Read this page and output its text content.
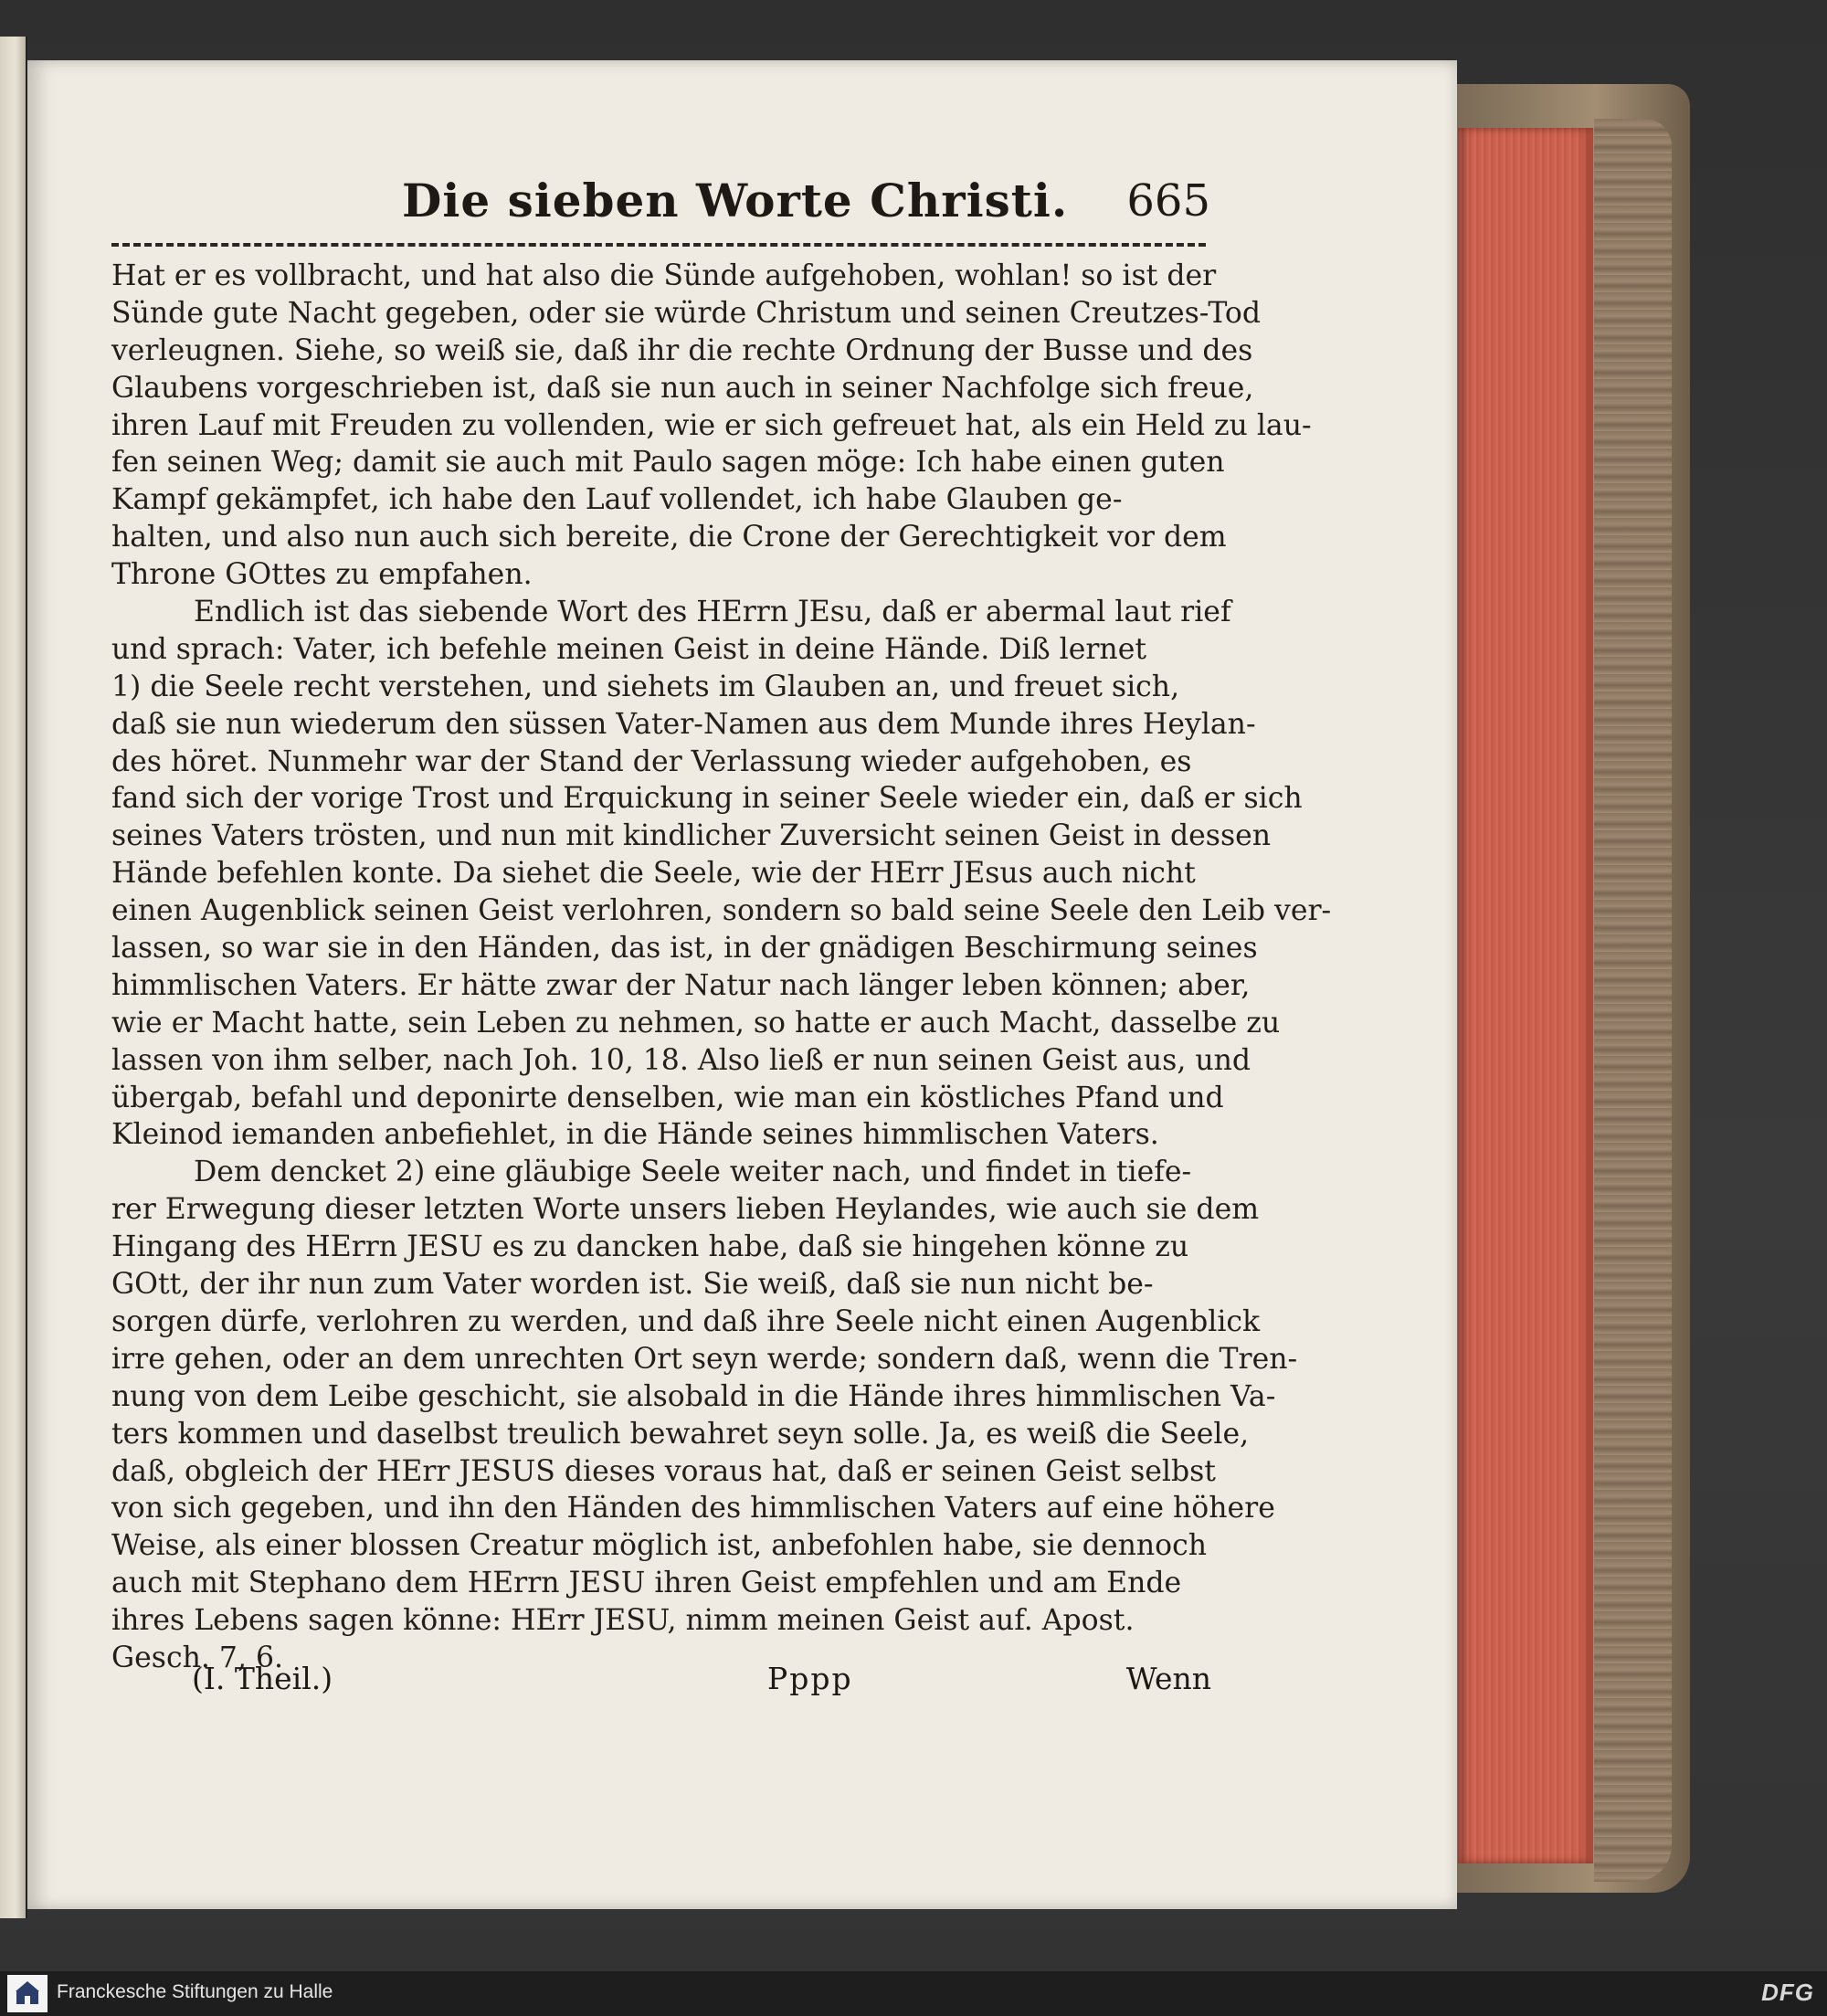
Die sieben Worte Christi. 665
Hat er es vollbracht, und hat also die Sünde aufgehoben, wohlan! so ist der
Sünde gute Nacht gegeben, oder sie würde Christum und seinen Creutzes-Tod
verleugnen. Siehe, so weiß sie, daß ihr die rechte Ordnung der Busse und des
Glaubens vorgeschrieben ist, daß sie nun auch in seiner Nachfolge sich freue,
ihren Lauf mit Freuden zu vollenden, wie er sich gefreuet hat, als ein Held zu lau-
fen seinen Weg; damit sie auch mit Paulo sagen möge: Ich habe einen guten
Kampf gekämpfet, ich habe den Lauf vollendet, ich habe Glauben ge-
halten, und also nun auch sich bereite, die Crone der Gerechtigkeit vor dem
Throne GOttes zu empfahen.
Endlich ist das siebende Wort des HErrn JEsu, daß er abermal laut rief
und sprach: Vater, ich befehle meinen Geist in deine Hände. Diß lernet
1) die Seele recht verstehen, und siehets im Glauben an, und freuet sich,
daß sie nun wiederum den süssen Vater-Namen aus dem Munde ihres Heylan-
des höret. Nunmehr war der Stand der Verlassung wieder aufgehoben, es
fand sich der vorige Trost und Erquickung in seiner Seele wieder ein, daß er sich
seines Vaters trösten, und nun mit kindlicher Zuversicht seinen Geist in dessen
Hände befehlen konte. Da siehet die Seele, wie der HErr JEsus auch nicht
einen Augenblick seinen Geist verlohren, sondern so bald seine Seele den Leib ver-
lassen, so war sie in den Händen, das ist, in der gnädigen Beschirmung seines
himmlischen Vaters. Er hätte zwar der Natur nach länger leben können; aber,
wie er Macht hatte, sein Leben zu nehmen, so hatte er auch Macht, dasselbe zu
lassen von ihm selber, nach Joh. 10, 18. Also ließ er nun seinen Geist aus, und
übergab, befahl und deponirte denselben, wie man ein köstliches Pfand und
Kleinod iemanden anbefiehlet, in die Hände seines himmlischen Vaters.
Dem dencket 2) eine gläubige Seele weiter nach, und findet in tiefe-
rer Erwegung dieser letzten Worte unsers lieben Heylandes, wie auch sie dem
Hingang des HErrn JESU es zu dancken habe, daß sie hingehen könne zu
GOtt, der ihr nun zum Vater worden ist. Sie weiß, daß sie nun nicht be-
sorgen dürfe, verlohren zu werden, und daß ihre Seele nicht einen Augenblick
irre gehen, oder an dem unrechten Ort seyn werde; sondern daß, wenn die Tren-
nung von dem Leibe geschicht, sie alsobald in die Hände ihres himmlischen Va-
ters kommen und daselbst treulich bewahret seyn solle. Ja, es weiß die Seele,
daß, obgleich der HErr JESUS dieses voraus hat, daß er seinen Geist selbst
von sich gegeben, und ihn den Händen des himmlischen Vaters auf eine höhere
Weise, als einer blossen Creatur möglich ist, anbefohlen habe, sie dennoch
auch mit Stephano dem HErrn JESU ihren Geist empfehlen und am Ende
ihres Lebens sagen könne: HErr JESU, nimm meinen Geist auf. Apost.
Gesch. 7, 6.
(I. Theil.)	Pppp	Wenn
Franckesche Stiftungen zu Halle	DFG
